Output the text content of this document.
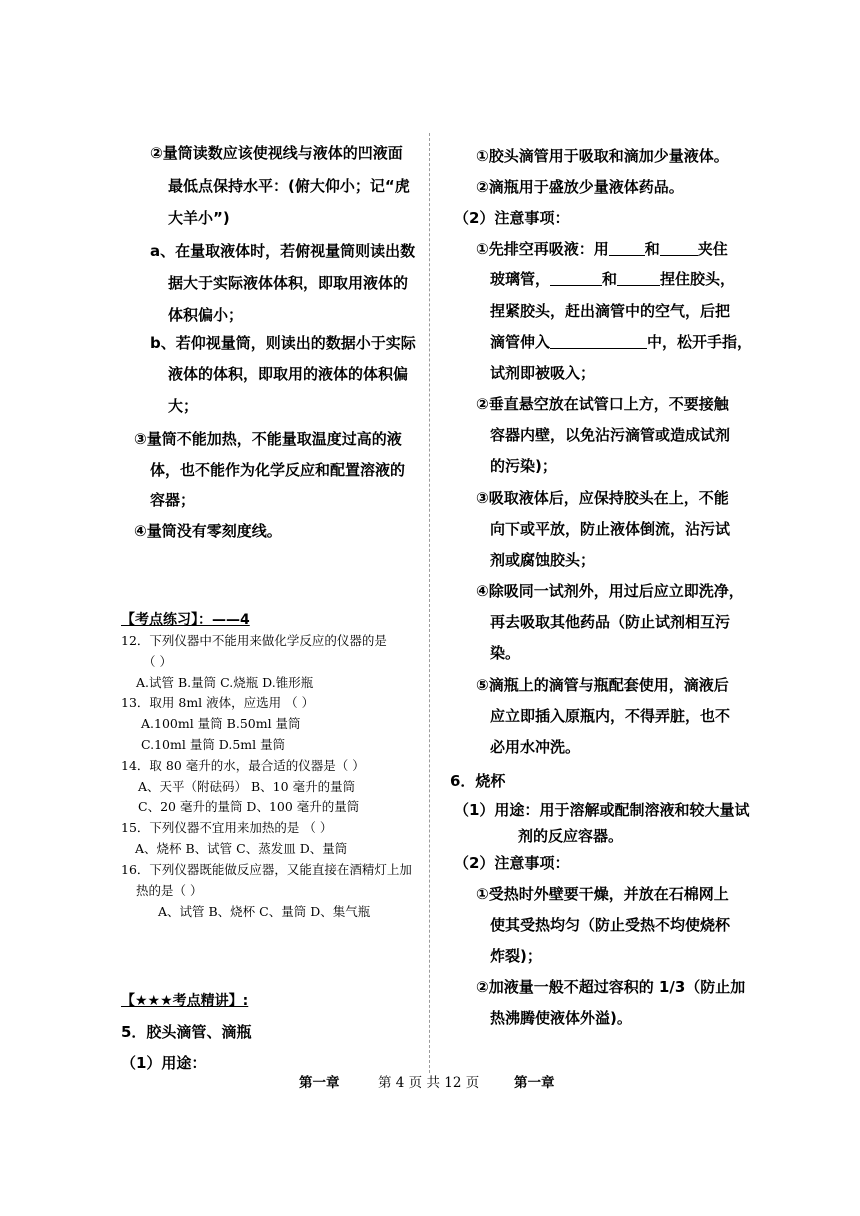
②量筒读数应该使视线与液体的凹液面
最低点保持水平：(俯大仰小；记“虎
大羊小”)
a、在量取液体时，若俯视量筒则读出数
据大于实际液体体积，即取用液体的
体积偏小；
b、若仰视量筒，则读出的数据小于实际
液体的体积，即取用的液体的体积偏
大；
③量筒不能加热，不能量取温度过高的液
体，也不能作为化学反应和配置溶液的
容器；
④量筒没有零刻度线。
【考点练习】：——4
12．下列仪器中不能用来做化学反应的仪器的是
（ ）
A.试管 B.量筒 C.烧瓶 D.锥形瓶
13．取用 8ml 液体，应选用 （ ）
A.100ml 量筒 B.50ml 量筒
C.10ml 量筒 D.5ml 量筒
14．取 80 毫升的水，最合适的仪器是（ ）
A、天平（附砝码） B、10 毫升的量筒
C、20 毫升的量筒 D、100 毫升的量筒
15．下列仪器不宜用来加热的是 （ ）
A、烧杯 B、试管 C、蒸发皿 D、量筒
16．下列仪器既能做反应器，又能直接在酒精灯上加
热的是（ ）
A、试管 B、烧杯 C、量筒 D、集气瓶
【★★★考点精讲】:
5．胶头滴管、滴瓶
（1）用途：
①胶头滴管用于吸取和滴加少量液体。
②滴瓶用于盛放少量液体药品。
（2）注意事项：
①先排空再吸液：用 和	夹住
玻璃管，	和	捏住胶头，
捏紧胶头，赶出滴管中的空气，后把
滴管伸入	中，松开手指，
试剂即被吸入；
②垂直悬空放在试管口上方，不要接触
容器内壁，以免沾污滴管或造成试剂
的污染)；
③吸取液体后，应保持胶头在上，不能
向下或平放，防止液体倒流，沾污试
剂或腐蚀胶头；
④除吸同一试剂外，用过后应立即洗净，
再去吸取其他药品（防止试剂相互污
染。
⑤滴瓶上的滴管与瓶配套使用，滴液后
应立即插入原瓶内，不得弄脏，也不
必用水冲洗。
6．烧杯
（1）用途：用于溶解或配制溶液和较大量试
剂的反应容器。
（2）注意事项：
①受热时外壁要干燥，并放在石棉网上
使其受热均匀（防止受热不均使烧杯
炸裂)；
②加液量一般不超过容积的 1/3（防止加
热沸腾使液体外溢)。
第一章	第 4 页 共 12 页	第一章
